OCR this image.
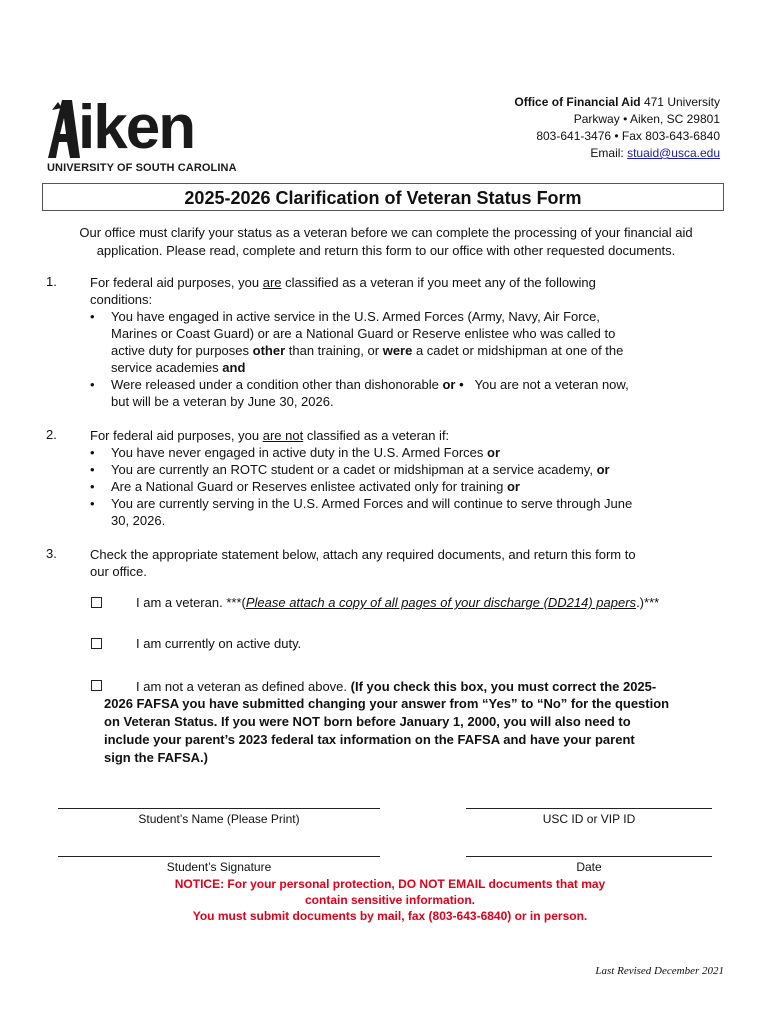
iken
UNIVERSITY OF SOUTH CAROLINA
Office of Financial Aid 471 University
Parkway • Aiken, SC 29801
803-641-3476 • Fax 803-643-6840
Email: stuaid@usca.edu
2025-2026 Clarification of Veteran Status Form
Our office must clarify your status as a veteran before we can complete the processing of your financial aid
application. Please read, complete and return this form to our office with other requested documents.
1.	For federal aid purposes, you are classified as a veteran if you meet any of the following
conditions:
•	You have engaged in active service in the U.S. Armed Forces (Army, Navy, Air Force,
Marines or Coast Guard) or are a National Guard or Reserve enlistee who was called to
active duty for purposes other than training, or were a cadet or midshipman at one of the
service academies and
•	Were released under a condition other than dishonorable or • You are not a veteran now,
but will be a veteran by June 30, 2026.
2.	For federal aid purposes, you are not classified as a veteran if:
•	You have never engaged in active duty in the U.S. Armed Forces or
•	You are currently an ROTC student or a cadet or midshipman at a service academy, or
•	Are a National Guard or Reserves enlistee activated only for training or
•	You are currently serving in the U.S. Armed Forces and will continue to serve through June
30, 2026.
3.	Check the appropriate statement below, attach any required documents, and return this form to
our office.
I am a veteran. ***(Please attach a copy of all pages of your discharge (DD214) papers.)***
I am currently on active duty.
I am not a veteran as defined above. (If you check this box, you must correct the 2025-
2026 FAFSA you have submitted changing your answer from “Yes” to “No” for the question
on Veteran Status. If you were NOT born before January 1, 2000, you will also need to
include your parent’s 2023 federal tax information on the FAFSA and have your parent
sign the FAFSA.)
Student’s Name (Please Print)	USC ID or VIP ID
Student’s Signature	Date
NOTICE: For your personal protection, DO NOT EMAIL documents that may
contain sensitive information.
You must submit documents by mail, fax (803-643-6840) or in person.
Last Revised December 2021
